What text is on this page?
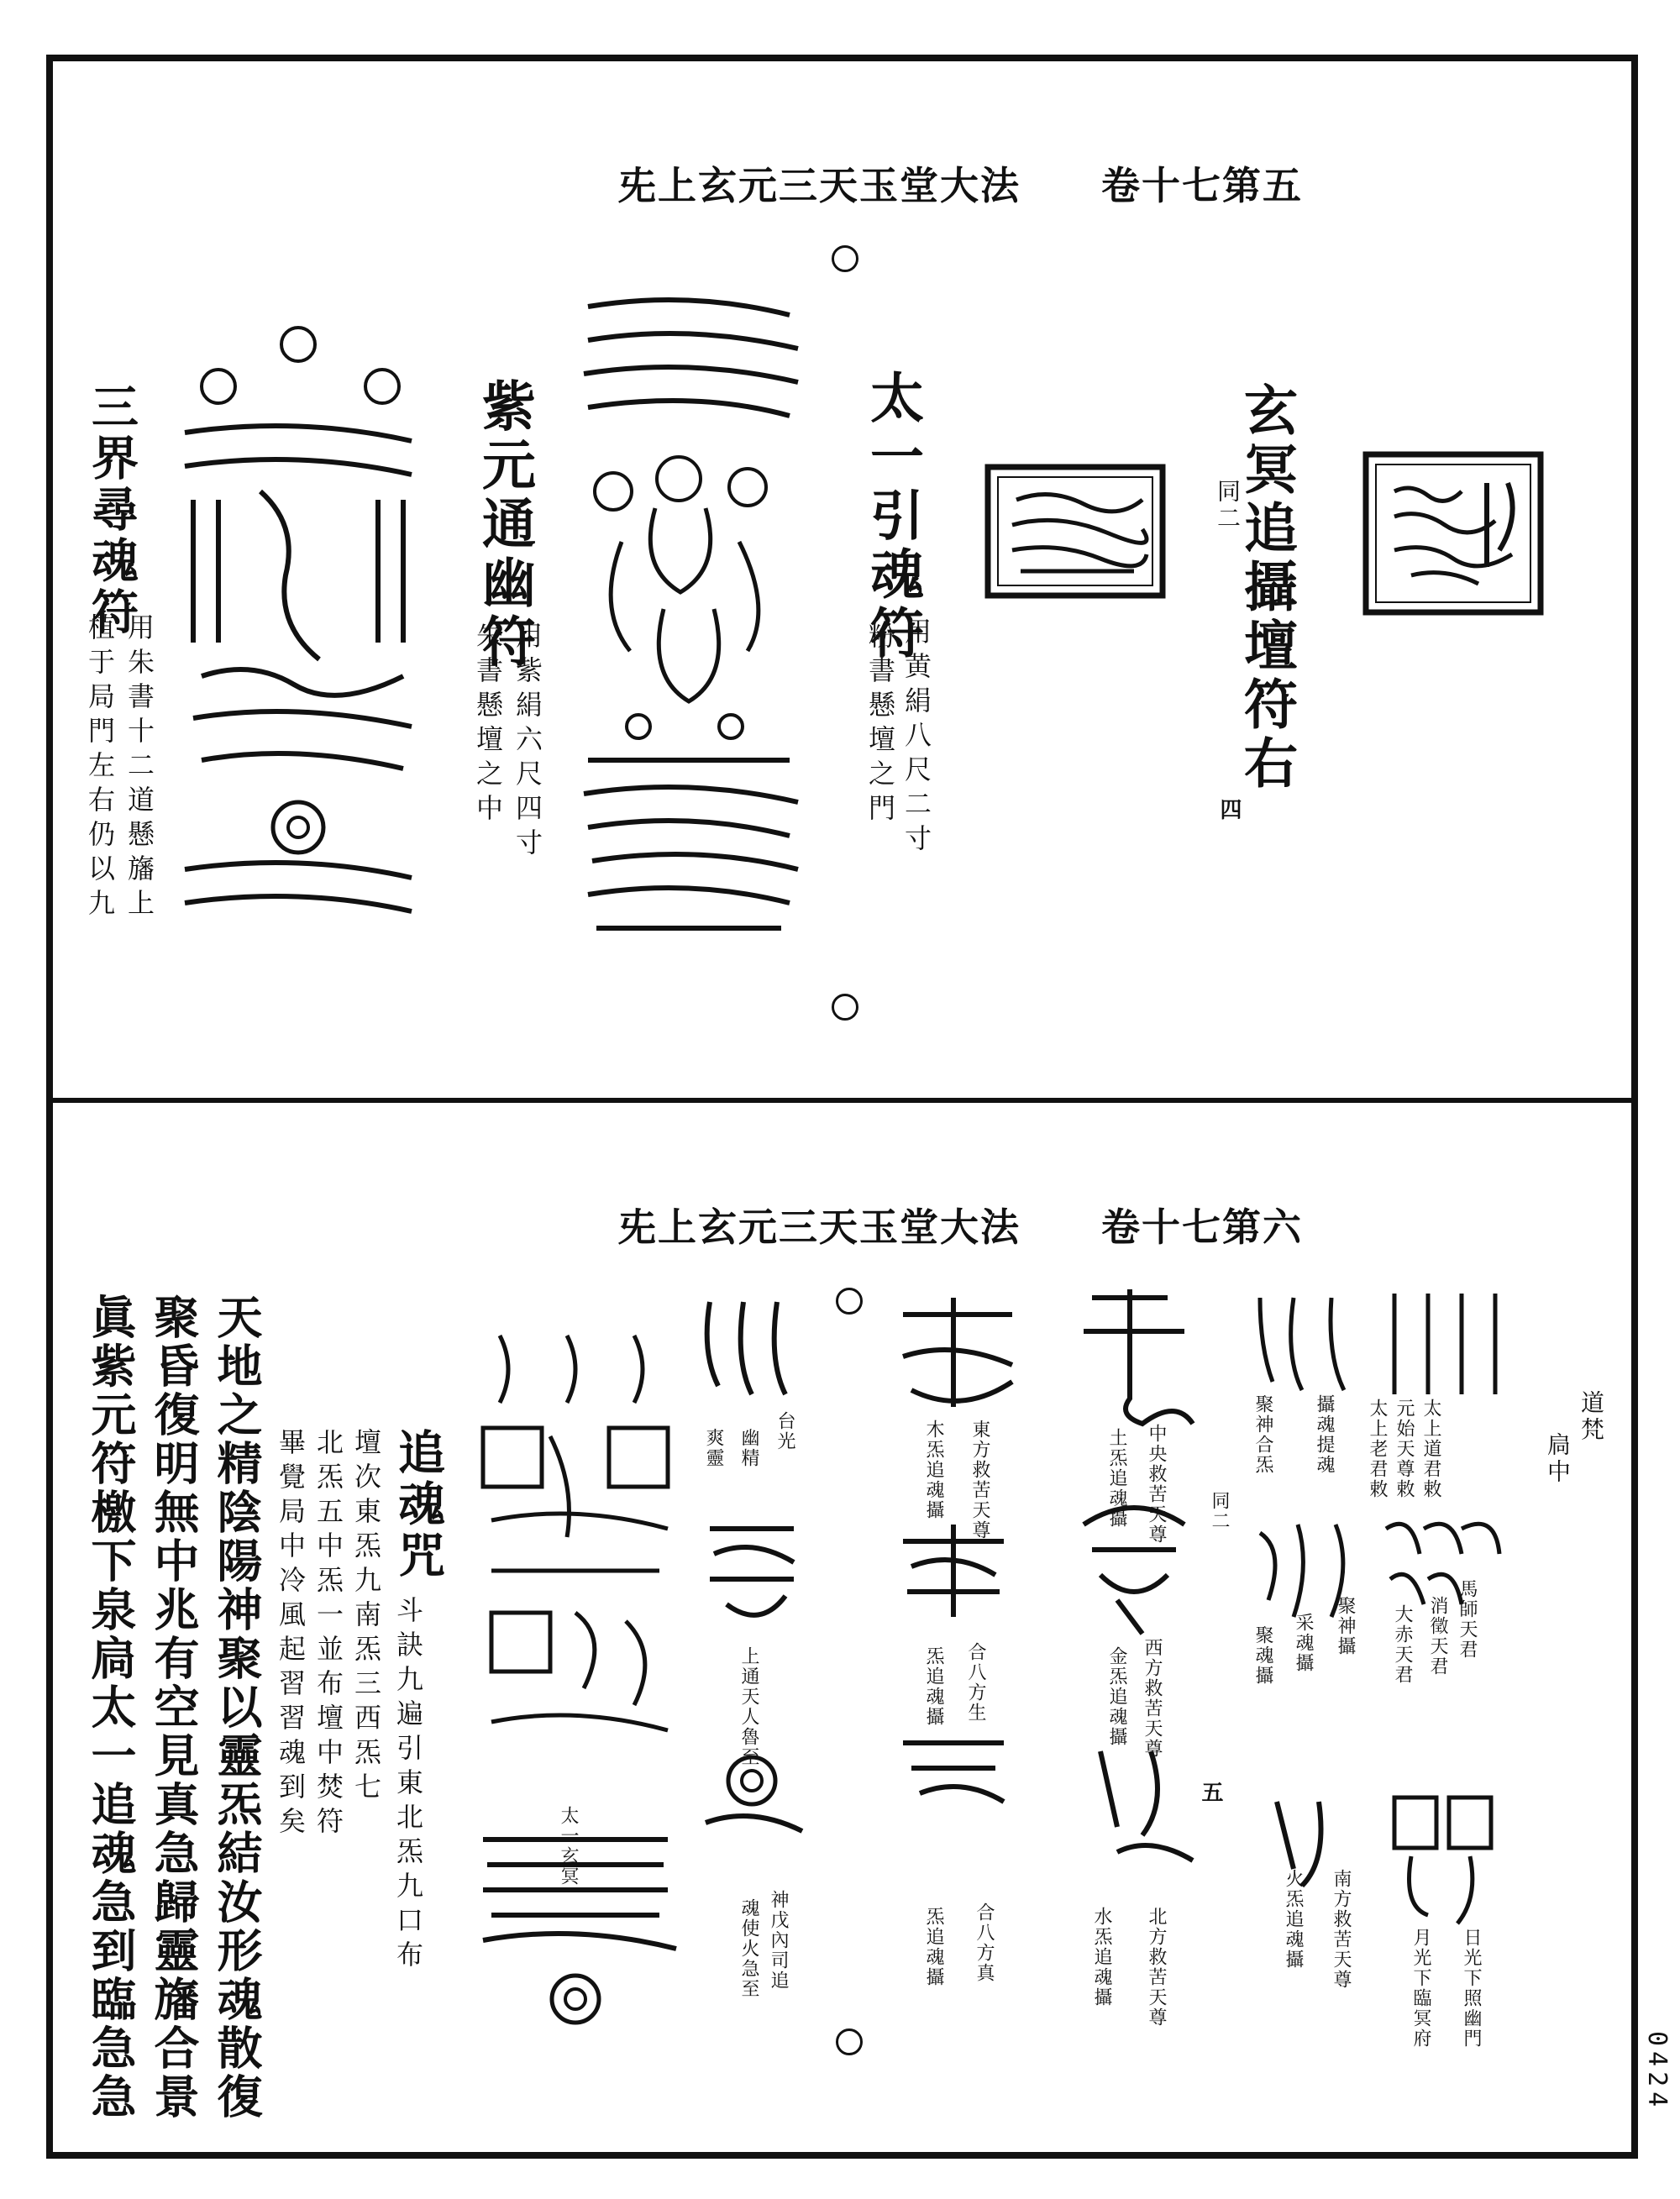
兂上玄元三天玉堂大法 卷十七第五
玄冥追攝壇符右
同二
四
太一引魂符
用黄絹八尺二寸
粉書懸壇之門
紫元通幽符
用紫絹六尺四寸
朱書懸壇之中
三界尋魂符
用朱書十二道懸旛上
植于局門左右仍以九
兂上玄元三天玉堂大法 卷十七第六
道梵
扃中
太上道君敕
馬師天君
日光下照幽門
元始天尊敕
消徵天君
月光下臨冥府
太上老君敕
大赤天君
攝魂提魂
聚神攝
南方救苦天尊
聚神合炁
采魂攝
火炁追魂攝
聚魂攝
同二
五
中央救苦天尊
西方救苦天尊
北方救苦天尊
土炁追魂攝
金炁追魂攝
水炁追魂攝
東方救苦天尊
合八方生
合八方真
木炁追魂攝
炁追魂攝
炁追魂攝
台光
上通天人魯至
神戊內司追
幽精
魂使火急至
爽靈
太一玄冥
追魂咒
斗訣九遍引東北炁九口布
壇次東炁九南炁三西炁七
北炁五中炁一並布壇中焚符
畢覺局中冷風起習習魂到矣
天地之精陰陽神聚以靈炁結汝形魂散復
聚昏復明無中兆有空見真急歸靈旛合景
眞紫元符檄下泉扃太一追魂急到臨急急	0424
